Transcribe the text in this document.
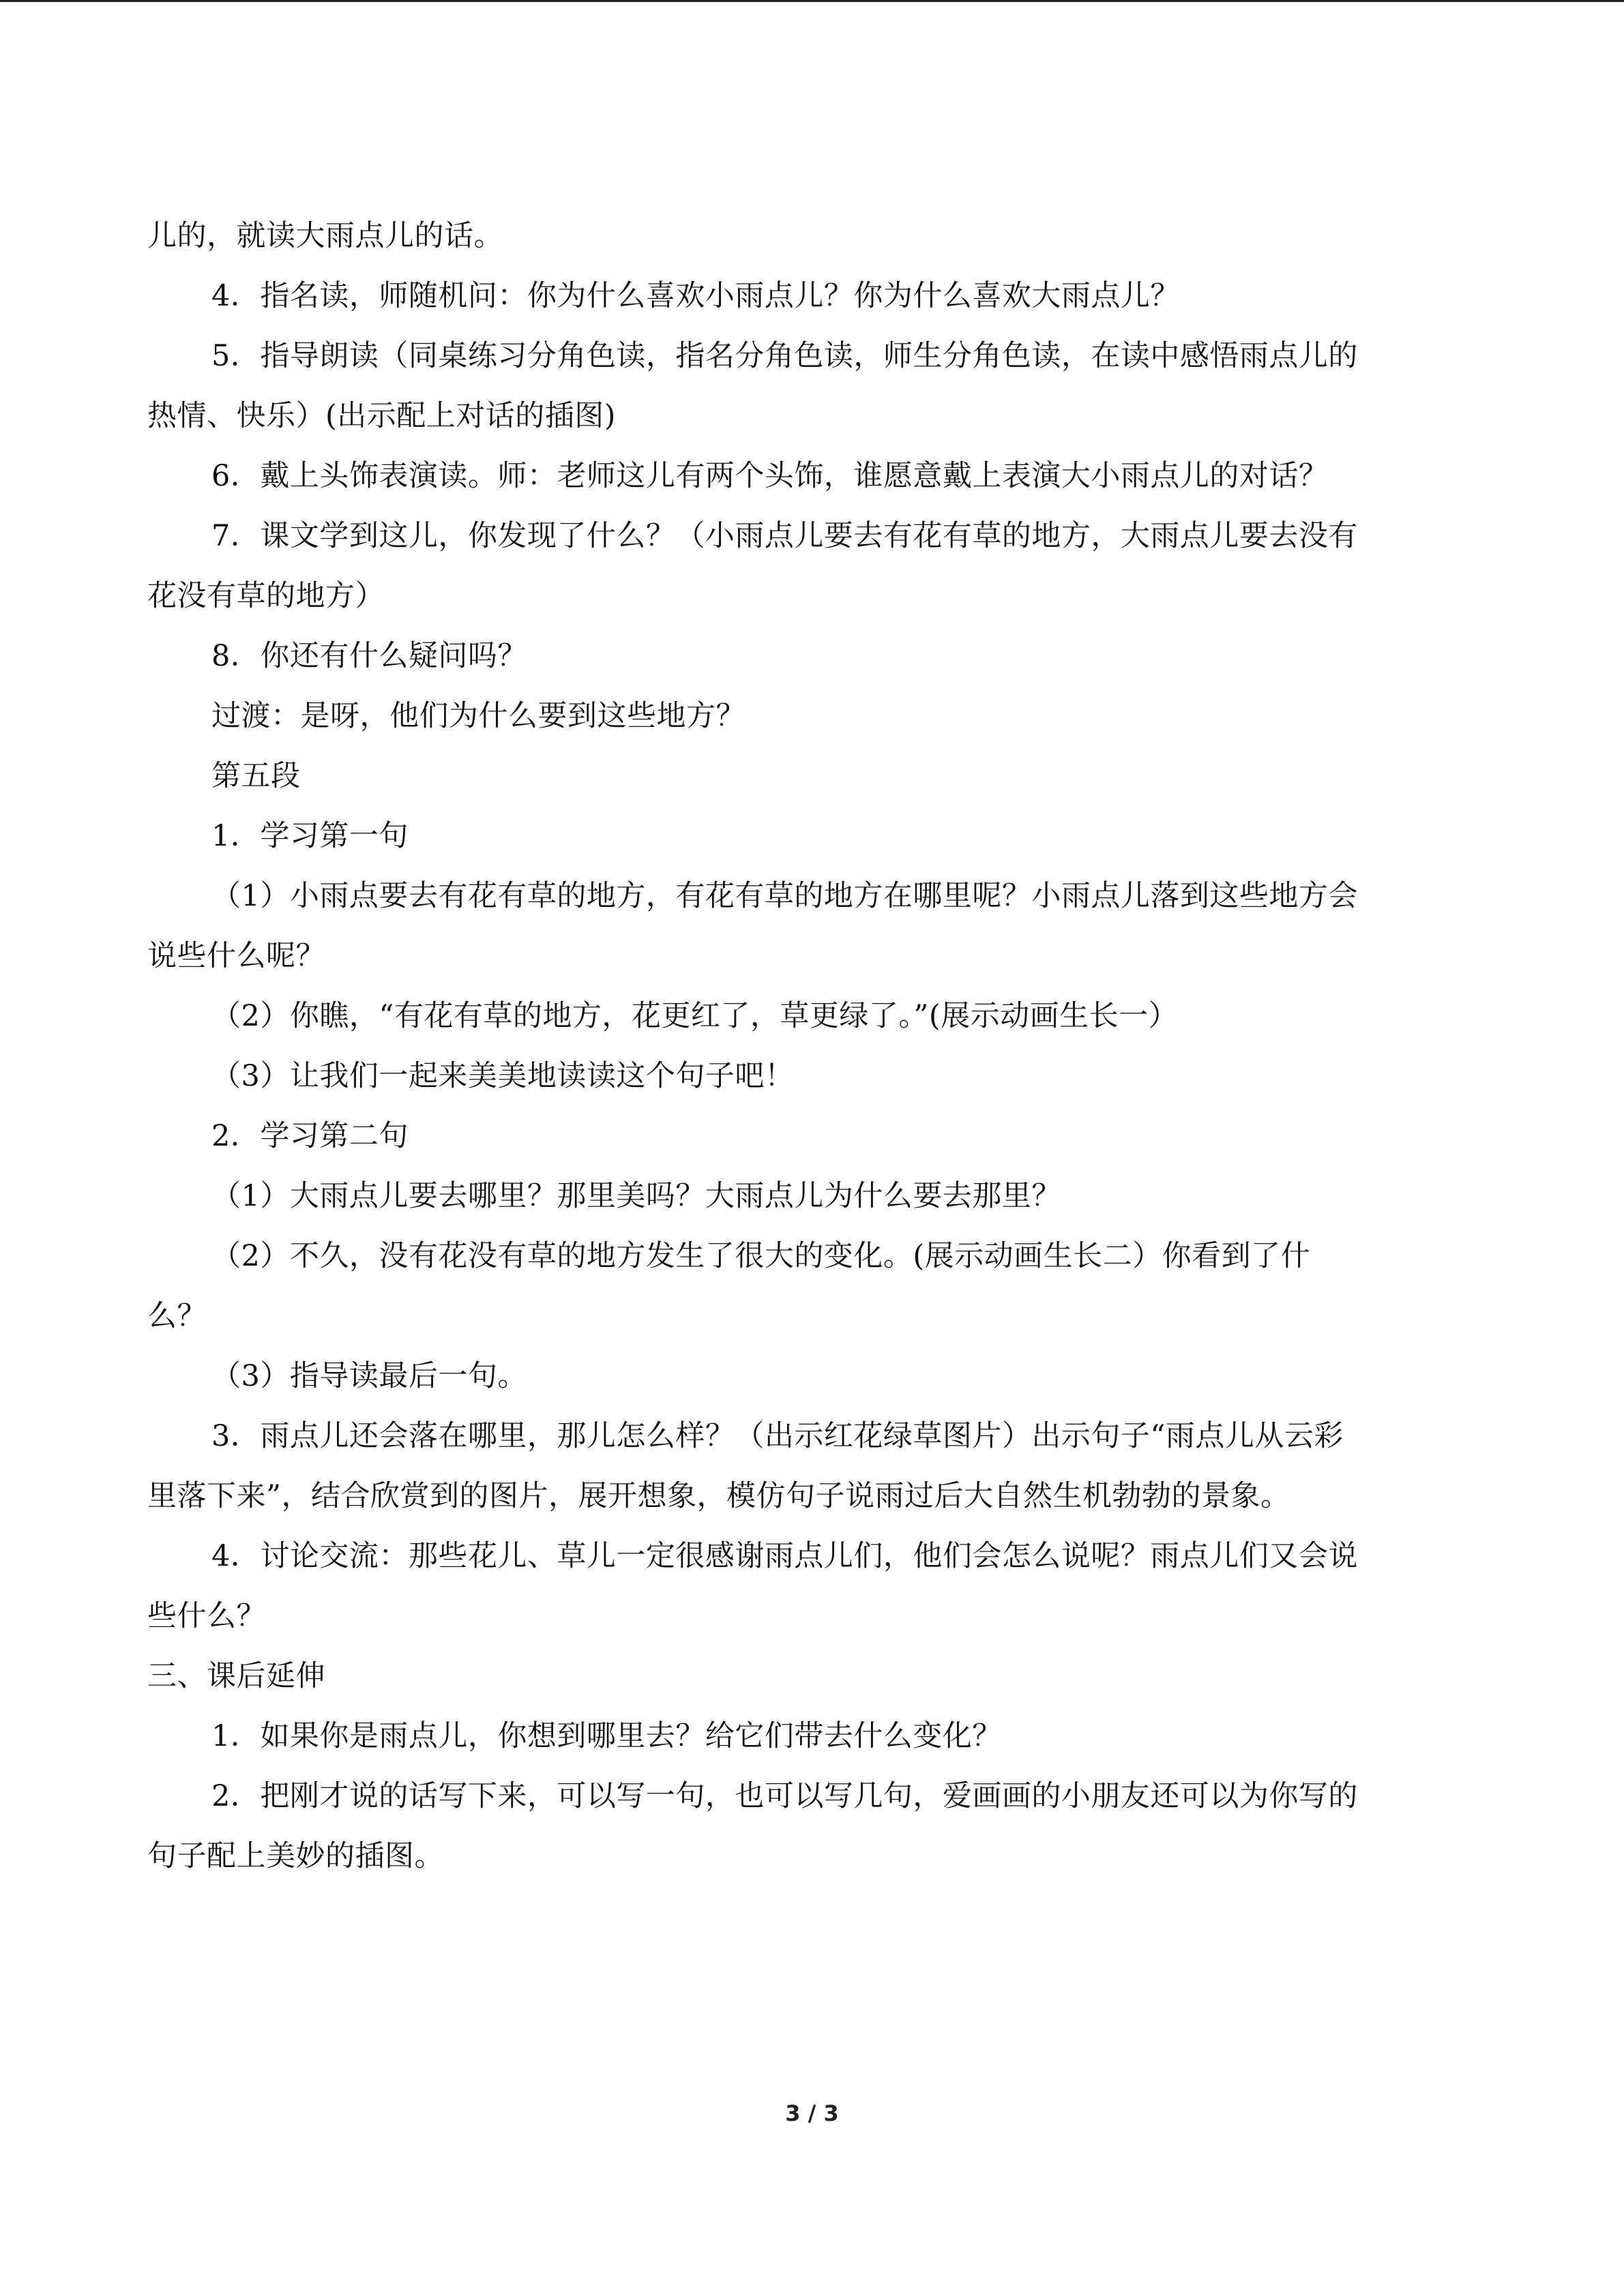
儿的，就读大雨点儿的话。
4．指名读，师随机问：你为什么喜欢小雨点儿？你为什么喜欢大雨点儿？
5．指导朗读（同桌练习分角色读，指名分角色读，师生分角色读，在读中感悟雨点儿的
热情、快乐）(出示配上对话的插图)
6．戴上头饰表演读。师：老师这儿有两个头饰，谁愿意戴上表演大小雨点儿的对话？
7．课文学到这儿，你发现了什么？（小雨点儿要去有花有草的地方，大雨点儿要去没有
花没有草的地方）
8．你还有什么疑问吗？
过渡：是呀，他们为什么要到这些地方？
第五段
1．学习第一句
（1）小雨点要去有花有草的地方，有花有草的地方在哪里呢？小雨点儿落到这些地方会
说些什么呢？
（2）你瞧，“有花有草的地方，花更红了，草更绿了。”(展示动画生长一）
（3）让我们一起来美美地读读这个句子吧！
2．学习第二句
（1）大雨点儿要去哪里？那里美吗？大雨点儿为什么要去那里？
（2）不久，没有花没有草的地方发生了很大的变化。(展示动画生长二）你看到了什
么？
（3）指导读最后一句。
3．雨点儿还会落在哪里，那儿怎么样？（出示红花绿草图片）出示句子“雨点儿从云彩
里落下来”，结合欣赏到的图片，展开想象，模仿句子说雨过后大自然生机勃勃的景象。
4．讨论交流：那些花儿、草儿一定很感谢雨点儿们，他们会怎么说呢？雨点儿们又会说
些什么？
三、课后延伸
1．如果你是雨点儿，你想到哪里去？给它们带去什么变化？
2．把刚才说的话写下来，可以写一句，也可以写几句，爱画画的小朋友还可以为你写的
句子配上美妙的插图。
3 / 3
